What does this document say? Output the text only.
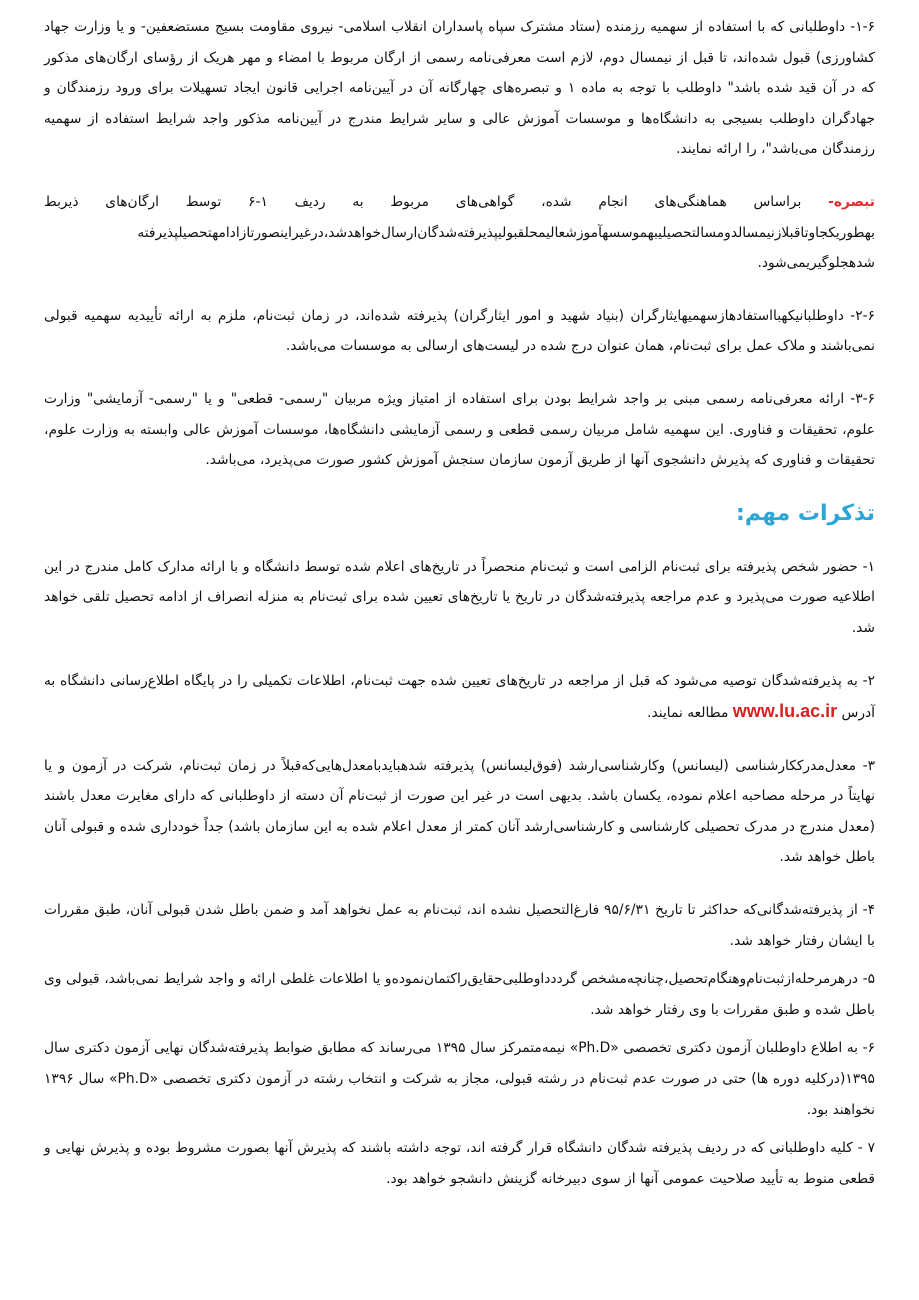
۱-۶- داوطلبانی که با استفاده از سهمیه رزمنده (ستاد مشترک سپاه پاسداران انقلاب اسلامی- نیروی مقاومت بسیج مستضعفین- و یا وزارت جهاد کشاورزی) قبول شده‌اند، تا قبل از نیمسال دوم، لازم است معرفی‌نامه رسمی از ارگان مربوط با امضاء و مهر هریک از رؤسای ارگان‌های مذکور که در آن قید شده باشد" داوطلب با توجه به ماده ۱ و تبصره‌های چهارگانه آن در آیین‌نامه اجرایی قانون ایجاد تسهیلات برای ورود رزمندگان و جهادگران داوطلب بسیجی به دانشگاه‌ها و موسسات آموزش عالی و سایر شرایط مندرج در آیین‌نامه مذکور واجد شرایط استفاده از سهمیه رزمندگان می‌باشد"، را ارائه نمایند.

تبصره- براساس هماهنگی‌های انجام شده، گواهی‌های مربوط به ردیف ۱-۶ توسط ارگان‌های ذیربط بهطوریکجاوتاقبلازنیمسالدومسالتحصیلیبهموسسهآموزشعالیمحلقبولیپذیرفته‌شدگان‌ارسال‌خواهدشد،درغیراینصورتازادامهتحصیلپذیرفته شدهجلوگیریمی‌شود.

۲-۶- داوطلبانیکهبااستفادهازسهمیهایثارگران (بنیاد شهید و امور ایثارگران) پذیرفته شده‌اند، در زمان ثبت‌نام، ملزم به ارائه تأییدیه سهمیه قبولی نمی‌باشند و ملاک عمل برای ثبت‌نام، همان عنوان درج شده در لیست‌های ارسالی به موسسات می‌باشد.

۳-۶- ارائه معرفی‌نامه رسمی مبنی بر واجد شرایط بودن برای استفاده از امتیاز ویژه مربیان "رسمی- قطعی" و یا "رسمی- آزمایشی" وزارت علوم، تحقیقات و فناوری. این سهمیه شامل مربیان رسمی قطعی و رسمی آزمایشی دانشگاه‌ها، موسسات آموزش عالی وابسته به وزارت علوم، تحقیقات و فناوری که پذیرش دانشجوی آنها از طریق آزمون سازمان سنجش آموزش کشور صورت می‌پذیرد، می‌باشد.

تذکرات مهم:

۱- حضور شخص پذیرفته برای ثبت‌نام الزامی است و ثبت‌نام منحصراً در تاریخ‌های اعلام شده توسط دانشگاه و با ارائه مدارک کامل مندرج در این اطلاعیه صورت می‌پذیرد و عدم مراجعه پذیرفته‌شدگان در تاریخ یا تاریخ‌های تعیین شده برای ثبت‌نام به منزله انصراف از ادامه تحصیل تلقی خواهد شد.

۲- به پذیرفته‌شدگان توصیه می‌شود که قبل از مراجعه در تاریخ‌های تعیین شده جهت ثبت‌نام، اطلاعات تکمیلی را در پایگاه اطلاع‌رسانی دانشگاه به آدرس www.lu.ac.ir مطالعه نمایند.

۳- معدل‌مدرککارشناسی (لیسانس) وکارشناسی‌ارشد (فوق‌لیسانس) پذیرفته شدهبایدبامعدل‌هایی‌که‌قبلاً در زمان ثبت‌نام، شرکت در آزمون و یا نهایتاً در مرحله مصاحبه اعلام نموده، یکسان باشد. بدیهی است در غیر این صورت از ثبت‌نام آن دسته از داوطلبانی که دارای مغایرت معدل باشند (معدل مندرج در مدرک تحصیلی کارشناسی و کارشناسی‌ارشد آنان کمتر از معدل اعلام شده به این سازمان باشد) جداً خودداری شده و قبولی آنان باطل خواهد شد.

۴- از پذیرفته‌شدگانی‌که حداکثر تا تاریخ ۹۵/۶/۳۱ فارغ‌التحصیل نشده اند، ثبت‌نام به عمل نخواهد آمد و ضمن باطل شدن قبولی آنان، طبق مقررات با ایشان رفتار خواهد شد.

۵- درهرمرحله‌ازثبت‌نام‌وهنگام‌تحصیل،چنانچه‌مشخص گرددداوطلبی‌حقایق‌راکتمان‌نموده‌و یا اطلاعات غلطی ارائه و واجد شرایط نمی‌باشد، قبولی وی باطل شده و طبق مقررات با وی رفتار خواهد شد.

۶- به اطلاع داوطلبان آزمون دکتری تخصصی «Ph.D» نیمه‌متمرکز سال ۱۳۹۵ می‌رساند که مطابق ضوابط پذیرفته‌شدگان نهایی آزمون دکتری سال ۱۳۹۵(درکلیه دوره ها) حتی در صورت عدم ثبت‌نام در رشته قبولی، مجاز به شرکت و انتخاب رشته در آزمون دکتری تخصصی «Ph.D» سال ۱۳۹۶ نخواهند بود.

۷ - کلیه داوطلبانی که در ردیف پذیرفته شدگان دانشگاه قرار گرفته اند، توجه داشته باشند که پذیرش آنها بصورت مشروط بوده و پذیرش نهایی و قطعی منوط به تأیید صلاحیت عمومی آنها از سوی دبیرخانه گزینش دانشجو خواهد بود.
